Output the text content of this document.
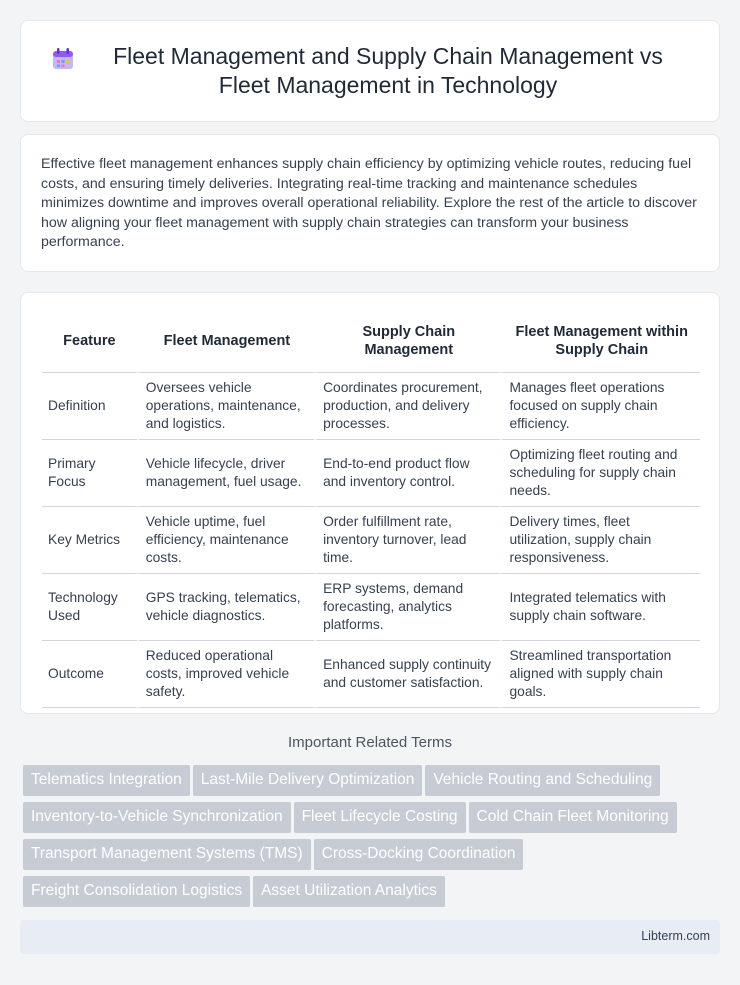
Fleet Management and Supply Chain Management vs Fleet Management in Technology

Effective fleet management enhances supply chain efficiency by optimizing vehicle routes, reducing fuel costs, and ensuring timely deliveries. Integrating real-time tracking and maintenance schedules minimizes downtime and improves overall operational reliability. Explore the rest of the article to discover how aligning your fleet management with supply chain strategies can transform your business performance.

Feature	Fleet Management	Supply Chain Management	Fleet Management within Supply Chain
Definition	Oversees vehicle operations, maintenance, and logistics.	Coordinates procurement, production, and delivery processes.	Manages fleet operations focused on supply chain efficiency.
Primary Focus	Vehicle lifecycle, driver management, fuel usage.	End-to-end product flow and inventory control.	Optimizing fleet routing and scheduling for supply chain needs.
Key Metrics	Vehicle uptime, fuel efficiency, maintenance costs.	Order fulfillment rate, inventory turnover, lead time.	Delivery times, fleet utilization, supply chain responsiveness.
Technology Used	GPS tracking, telematics, vehicle diagnostics.	ERP systems, demand forecasting, analytics platforms.	Integrated telematics with supply chain software.
Outcome	Reduced operational costs, improved vehicle safety.	Enhanced supply continuity and customer satisfaction.	Streamlined transportation aligned with supply chain goals.
Important Related Terms
Telematics Integration Last-Mile Delivery Optimization Vehicle Routing and Scheduling
Inventory-to-Vehicle Synchronization Fleet Lifecycle Costing Cold Chain Fleet Monitoring
Transport Management Systems (TMS) Cross-Docking Coordination
Freight Consolidation Logistics Asset Utilization Analytics
Libterm.com
